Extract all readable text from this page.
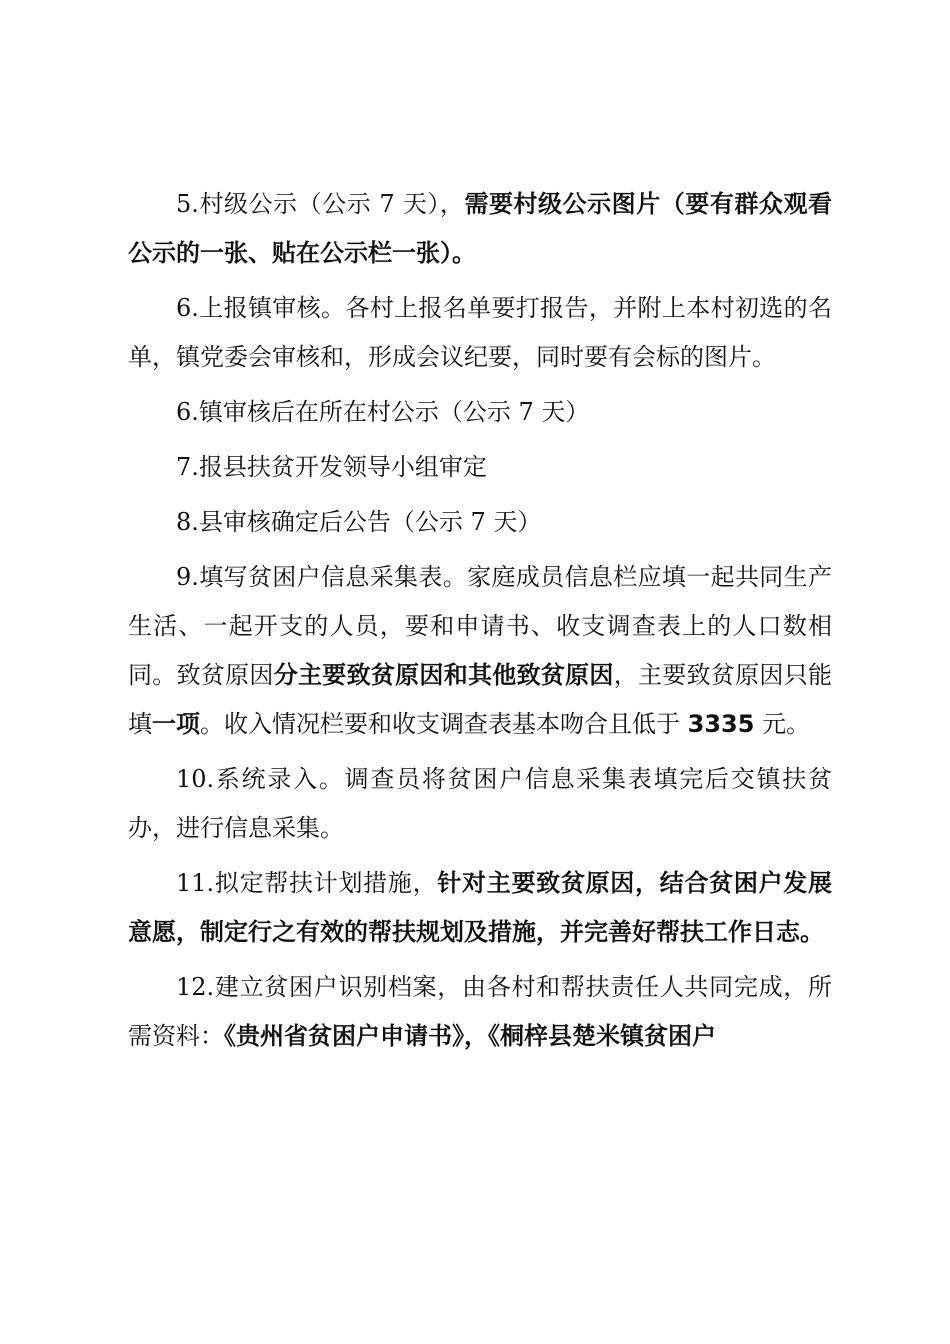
5.村级公示（公示 7 天），需要村级公示图片（要有群众观看公示的一张、贴在公示栏一张）。

6.上报镇审核。各村上报名单要打报告，并附上本村初选的名单，镇党委会审核和，形成会议纪要，同时要有会标的图片。

6.镇审核后在所在村公示（公示 7 天）

7.报县扶贫开发领导小组审定

8.县审核确定后公告（公示 7 天）

9.填写贫困户信息采集表。家庭成员信息栏应填一起共同生产生活、一起开支的人员，要和申请书、收支调查表上的人口数相同。致贫原因分主要致贫原因和其他致贫原因，主要致贫原因只能填一项。收入情况栏要和收支调查表基本吻合且低于 3335 元。

10.系统录入。调查员将贫困户信息采集表填完后交镇扶贫办，进行信息采集。

11.拟定帮扶计划措施，针对主要致贫原因，结合贫困户发展意愿，制定行之有效的帮扶规划及措施，并完善好帮扶工作日志。

12.建立贫困户识别档案，由各村和帮扶责任人共同完成，所需资料：《贵州省贫困户申请书》，《桐梓县楚米镇贫困户
